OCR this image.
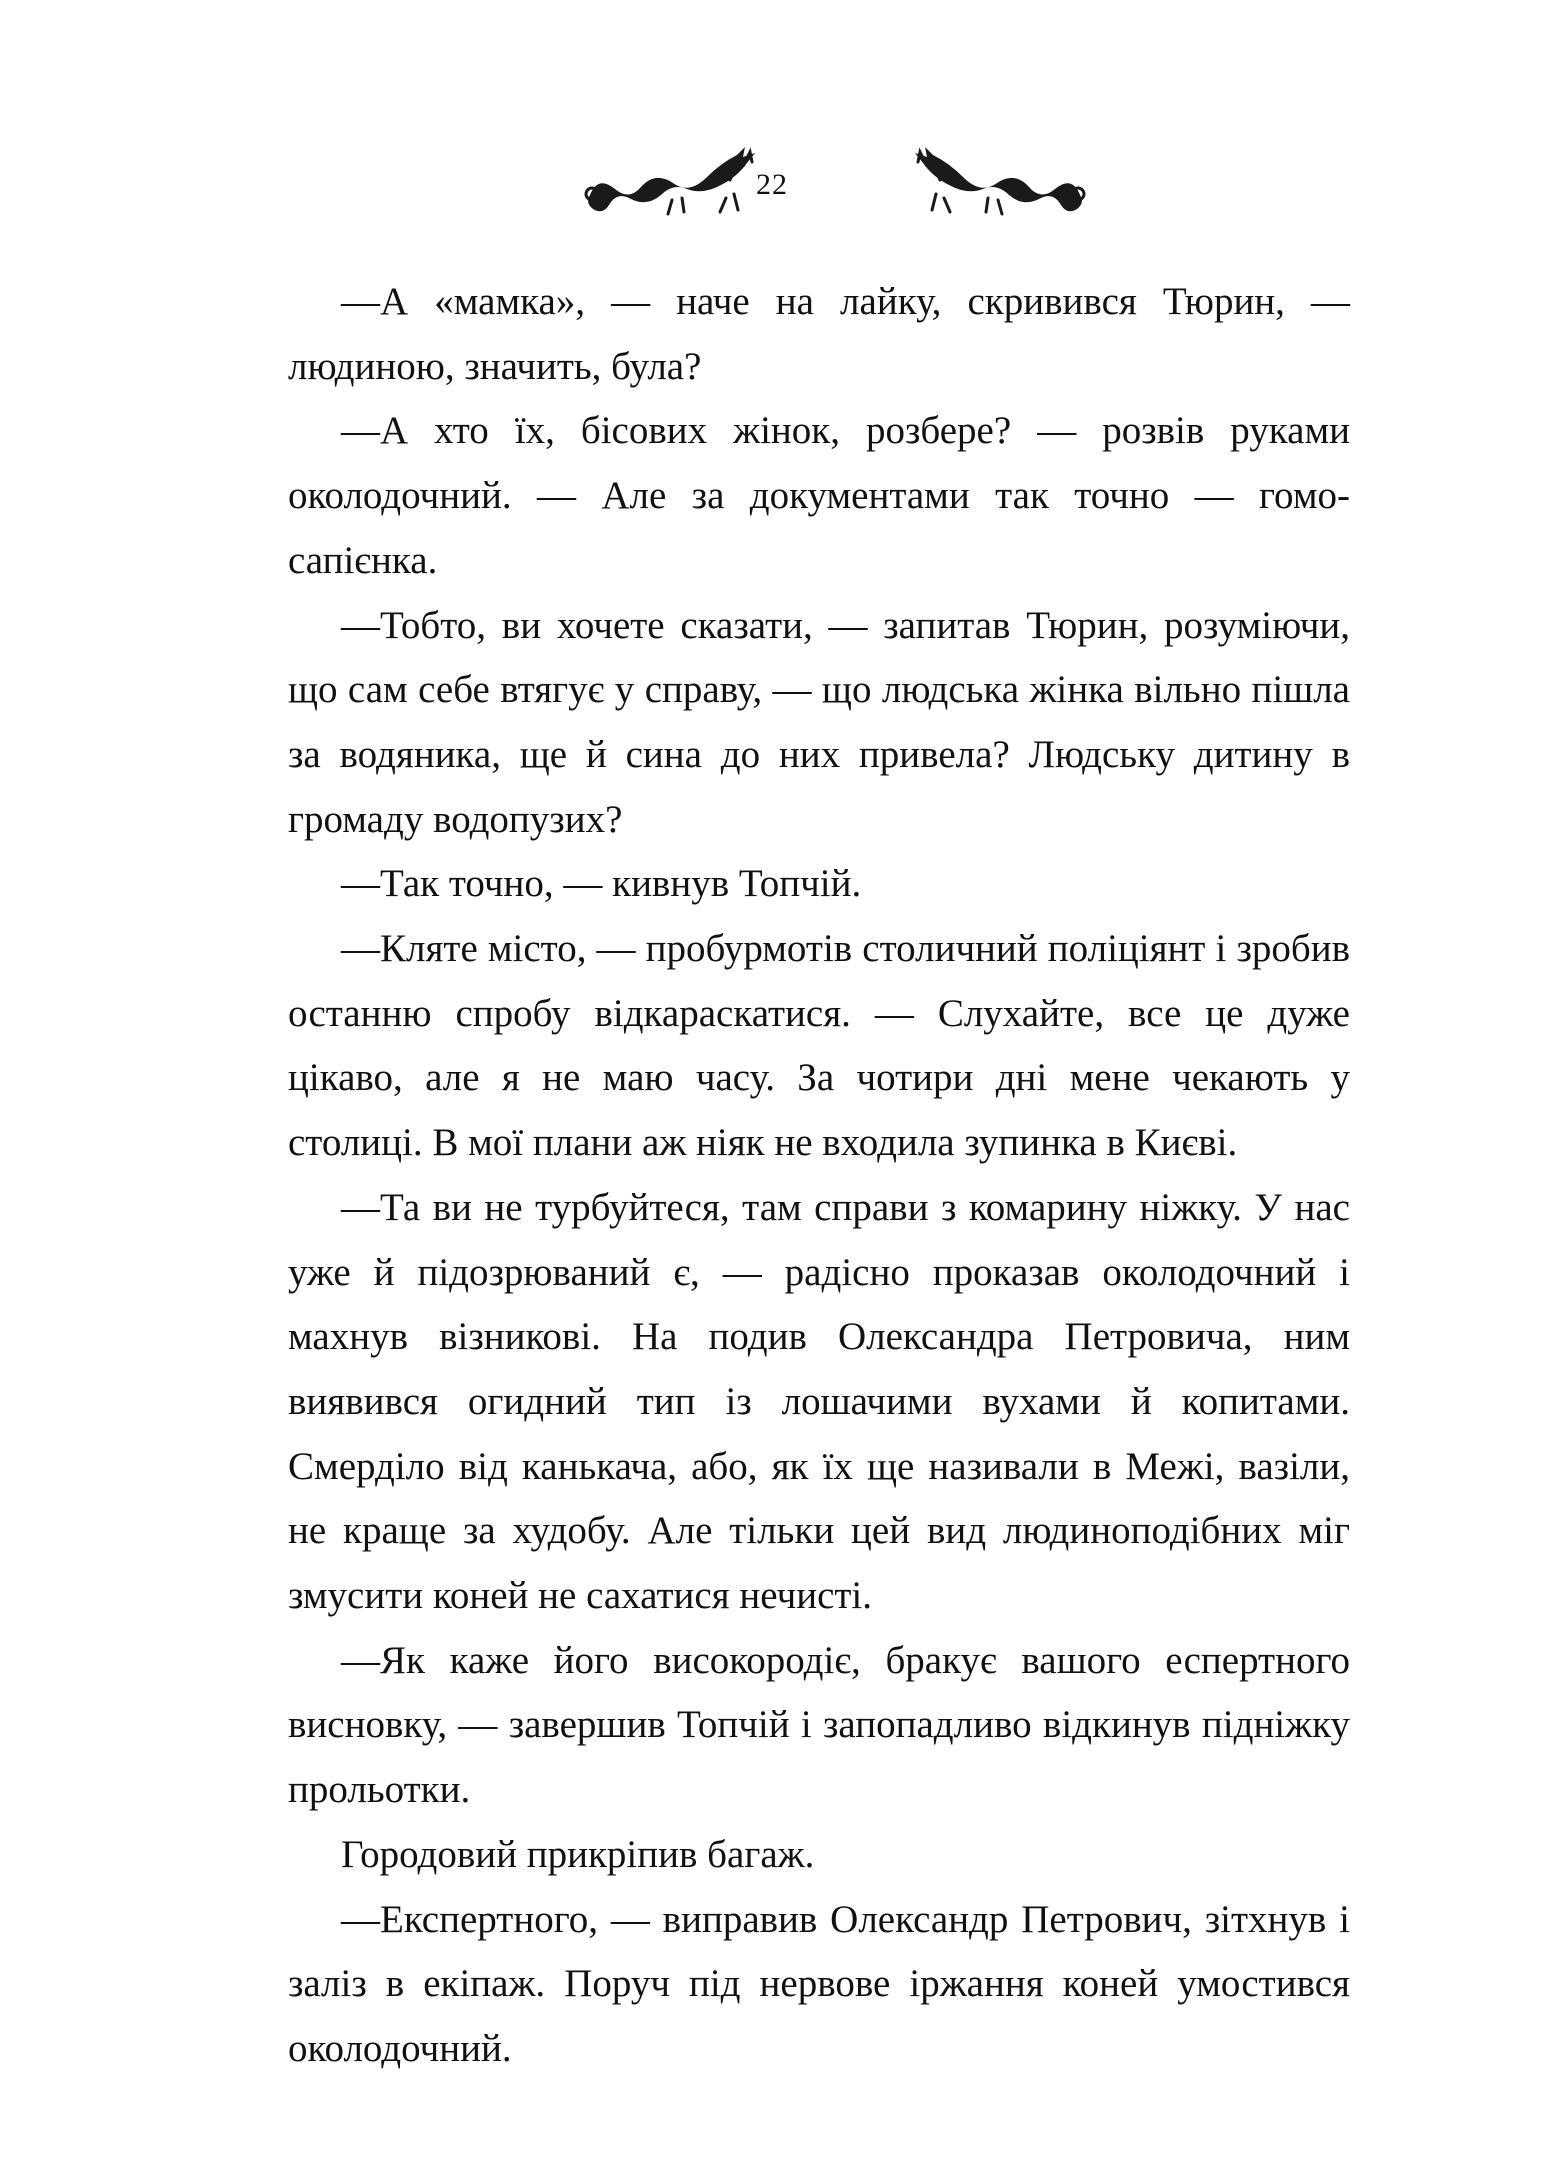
22

—А «мамка», — наче на лайку, скривився Тюрин, — людиною, значить, була?

—А хто їх, бісових жінок, розбере? — розвів руками околодочний. — Але за документами так точно — гомосапієнка.

—Тобто, ви хочете сказати, — запитав Тюрин, розуміючи, що сам себе втягує у справу, — що людська жінка вільно пішла за водяника, ще й сина до них привела? Людську дитину в громаду водопузих?

—Так точно, — кивнув Топчій.

—Кляте місто, — пробурмотів столичний поліціянт і зробив останню спробу відкараскатися. — Слухайте, все це дуже цікаво, але я не маю часу. За чотири дні мене чекають у столиці. В мої плани аж ніяк не входила зупинка в Києві.

—Та ви не турбуйтеся, там справи з комарину ніжку. У нас уже й підозрюваний є, — радісно проказав околодочний і махнув візникові. На подив Олександра Петровича, ним виявився огидний тип із лошачими вухами й копитами. Смерділо від канькача, або, як їх ще називали в Межі, вазіли, не краще за худобу. Але тільки цей вид людиноподібних міг змусити коней не сахатися нечисті.

—Як каже його високородіє, бракує вашого еспертного висновку, — завершив Топчій і запопадливо відкинув підніжку прольотки.

Городовий прикріпив багаж.

—Експертного, — виправив Олександр Петрович, зітхнув і заліз в екіпаж. Поруч під нервове іржання коней умостився околодочний.
